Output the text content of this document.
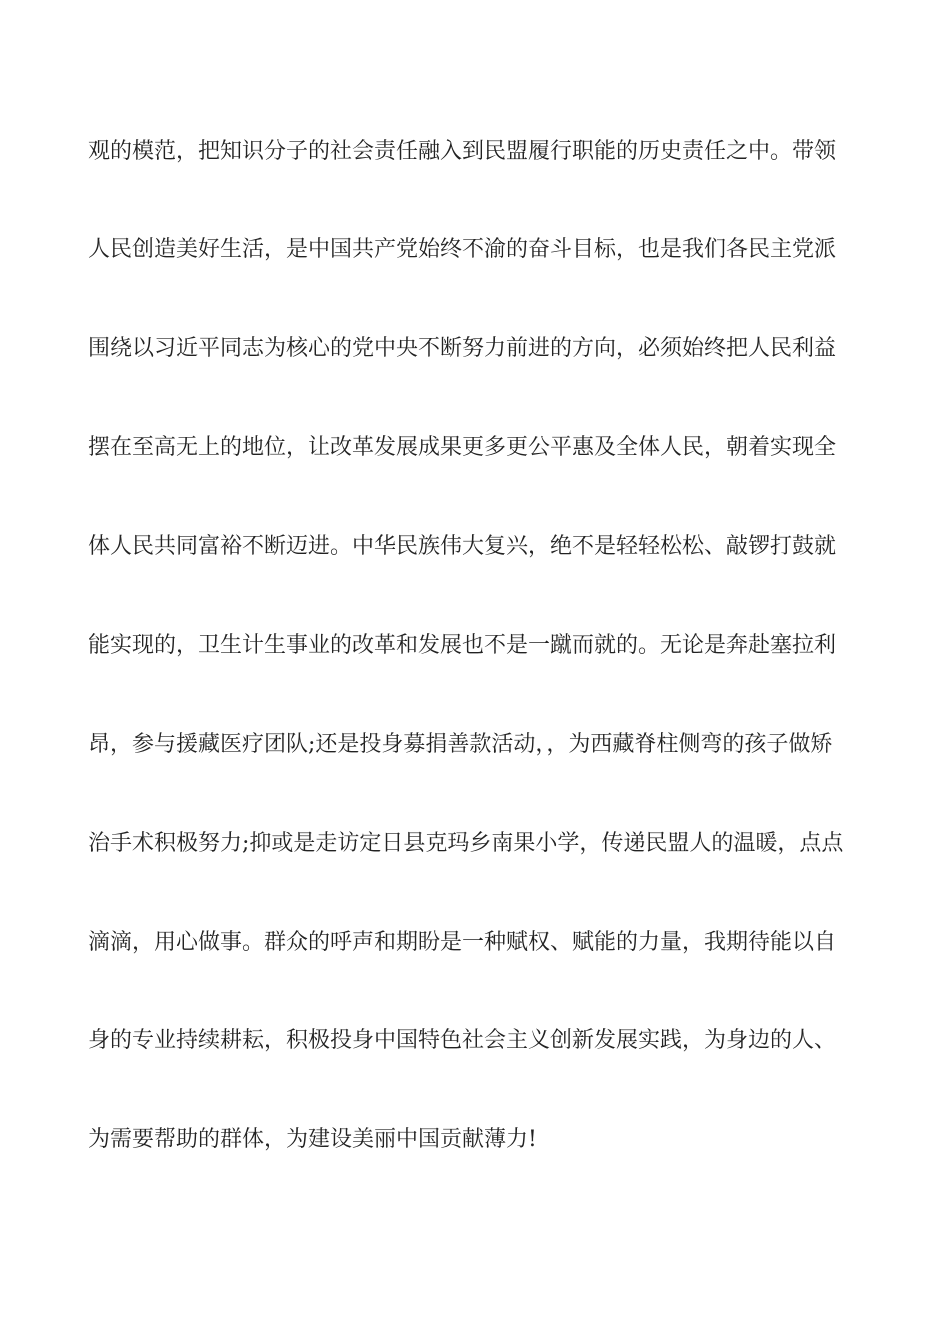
观的模范，把知识分子的社会责任融入到民盟履行职能的历史责任之中。带领
人民创造美好生活，是中国共产党始终不渝的奋斗目标，也是我们各民主党派
围绕以习近平同志为核心的党中央不断努力前进的方向，必须始终把人民利益
摆在至高无上的地位，让改革发展成果更多更公平惠及全体人民，朝着实现全
体人民共同富裕不断迈进。中华民族伟大复兴，绝不是轻轻松松、敲锣打鼓就
能实现的，卫生计生事业的改革和发展也不是一蹴而就的。无论是奔赴塞拉利
昂，参与援藏医疗团队;还是投身募捐善款活动，，为西藏脊柱侧弯的孩子做矫
治手术积极努力;抑或是走访定日县克玛乡南果小学，传递民盟人的温暖，点点
滴滴，用心做事。群众的呼声和期盼是一种赋权、赋能的力量，我期待能以自
身的专业持续耕耘，积极投身中国特色社会主义创新发展实践，为身边的人、
为需要帮助的群体，为建设美丽中国贡献薄力!
